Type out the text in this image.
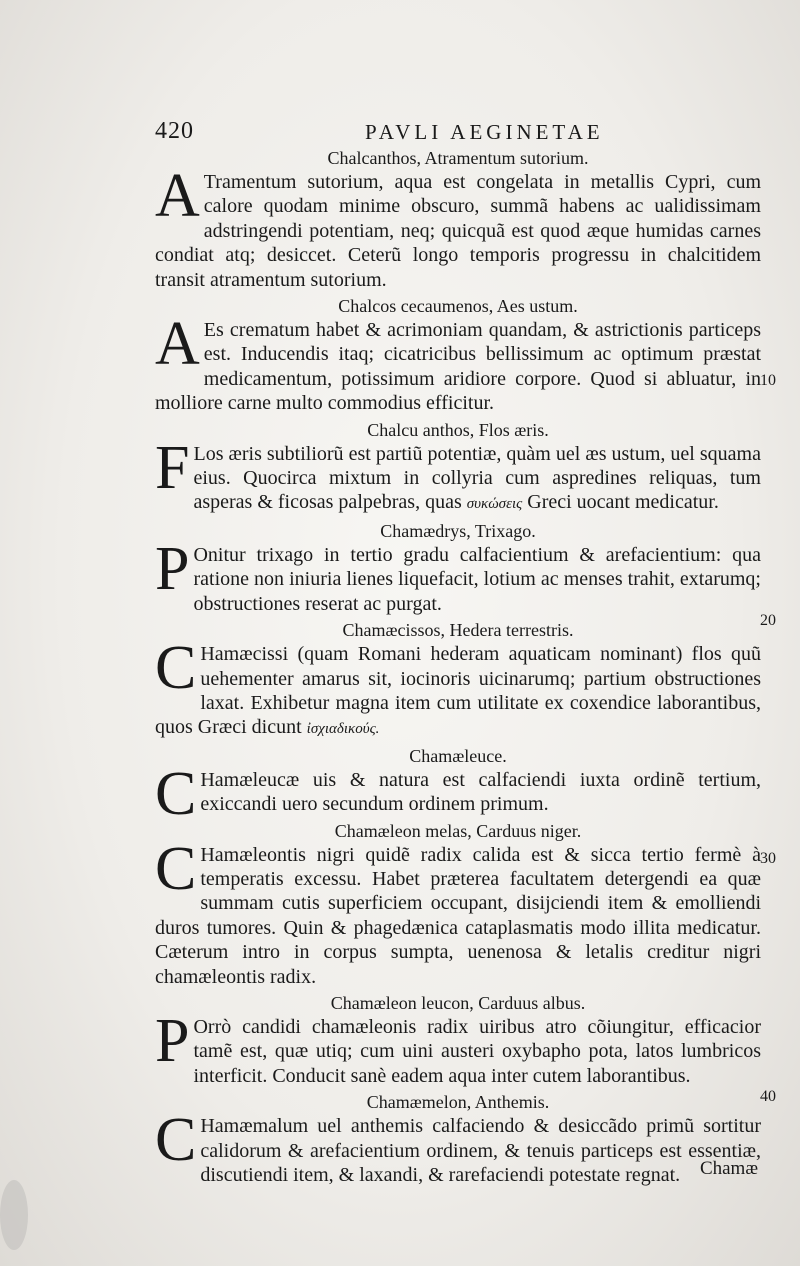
420	PAVLI AEGINETAE

Chalcanthos, Atramentum sutorium.

A Tramentum sutorium, aqua est congelata in metallis Cypri, cum calore quodam minime obscuro, summã habens ac ualidissimam adstringendi potentiam, neq; quicquã est quod æque humidas carnes condiat atq; desiccet. Ceterũ longo temporis progressu in chalcitidem transit atramentum sutorium.

Chalcos cecaumenos, Aes ustum.

A Es crematum habet & acrimoniam quandam, & astrictionis particeps est. Inducendis itaq; cicatricibus bellissimum ac optimum præstat medicamentum, potissimum aridiore corpore. Quod si abluatur, in molliore carne multo commodius efficitur.

Chalcu anthos, Flos æris.

F Los æris subtiliorũ est partiũ potentiæ, quàm uel æs ustum, uel squama eius. Quocirca mixtum in collyria cum aspredines reliquas, tum asperas & ficosas palpebras, quas συκώσεις Greci uocant medicatur.

Chamædrys, Trixago.

P Onitur trixago in tertio gradu calfacientium & arefacientium: qua ratione non iniuria lienes liquefacit, lotium ac menses trahit, extarumq; obstructiones reserat ac purgat.

Chamæcissos, Hedera terrestris.

C Hamæcissi (quam Romani hederam aquaticam nominant) flos quũ uehementer amarus sit, iocinoris uicinarumq; partium obstructiones laxat. Exhibetur magna item cum utilitate ex coxendice laborantibus, quos Græci dicunt ἰσχιαδικούς.

Chamæleuce.

C Hamæleucæ uis & natura est calfaciendi iuxta ordinẽ tertium, exiccandi uero secundum ordinem primum.

Chamæleon melas, Carduus niger.

C Hamæleontis nigri quidẽ radix calida est & sicca tertio fermè à temperatis excessu. Habet præterea facultatem detergendi ea quæ summam cutis superficiem occupant, disijciendi item & emolliendi duros tumores. Quin & phagedænica cataplasmatis modo illita medicatur. Cæterum intro in corpus sumpta, uenenosa & letalis creditur nigri chamæleontis radix.

Chamæleon leucon, Carduus albus.

P Orrò candidi chamæleonis radix uiribus atro cõiungitur, efficacior tamẽ est, quæ utiq; cum uini austeri oxybapho pota, latos lumbricos interficit. Conducit sanè eadem aqua inter cutem laborantibus.

Chamæmelon, Anthemis.

C Hamæmalum uel anthemis calfaciendo & desiccãdo primũ sortitur calidorum & arefacientium ordinem, & tenuis particeps est essentiæ, discutiendi item, & laxandi, & rarefaciendi potestate regnat.

10
20
30
40
Chamæ
